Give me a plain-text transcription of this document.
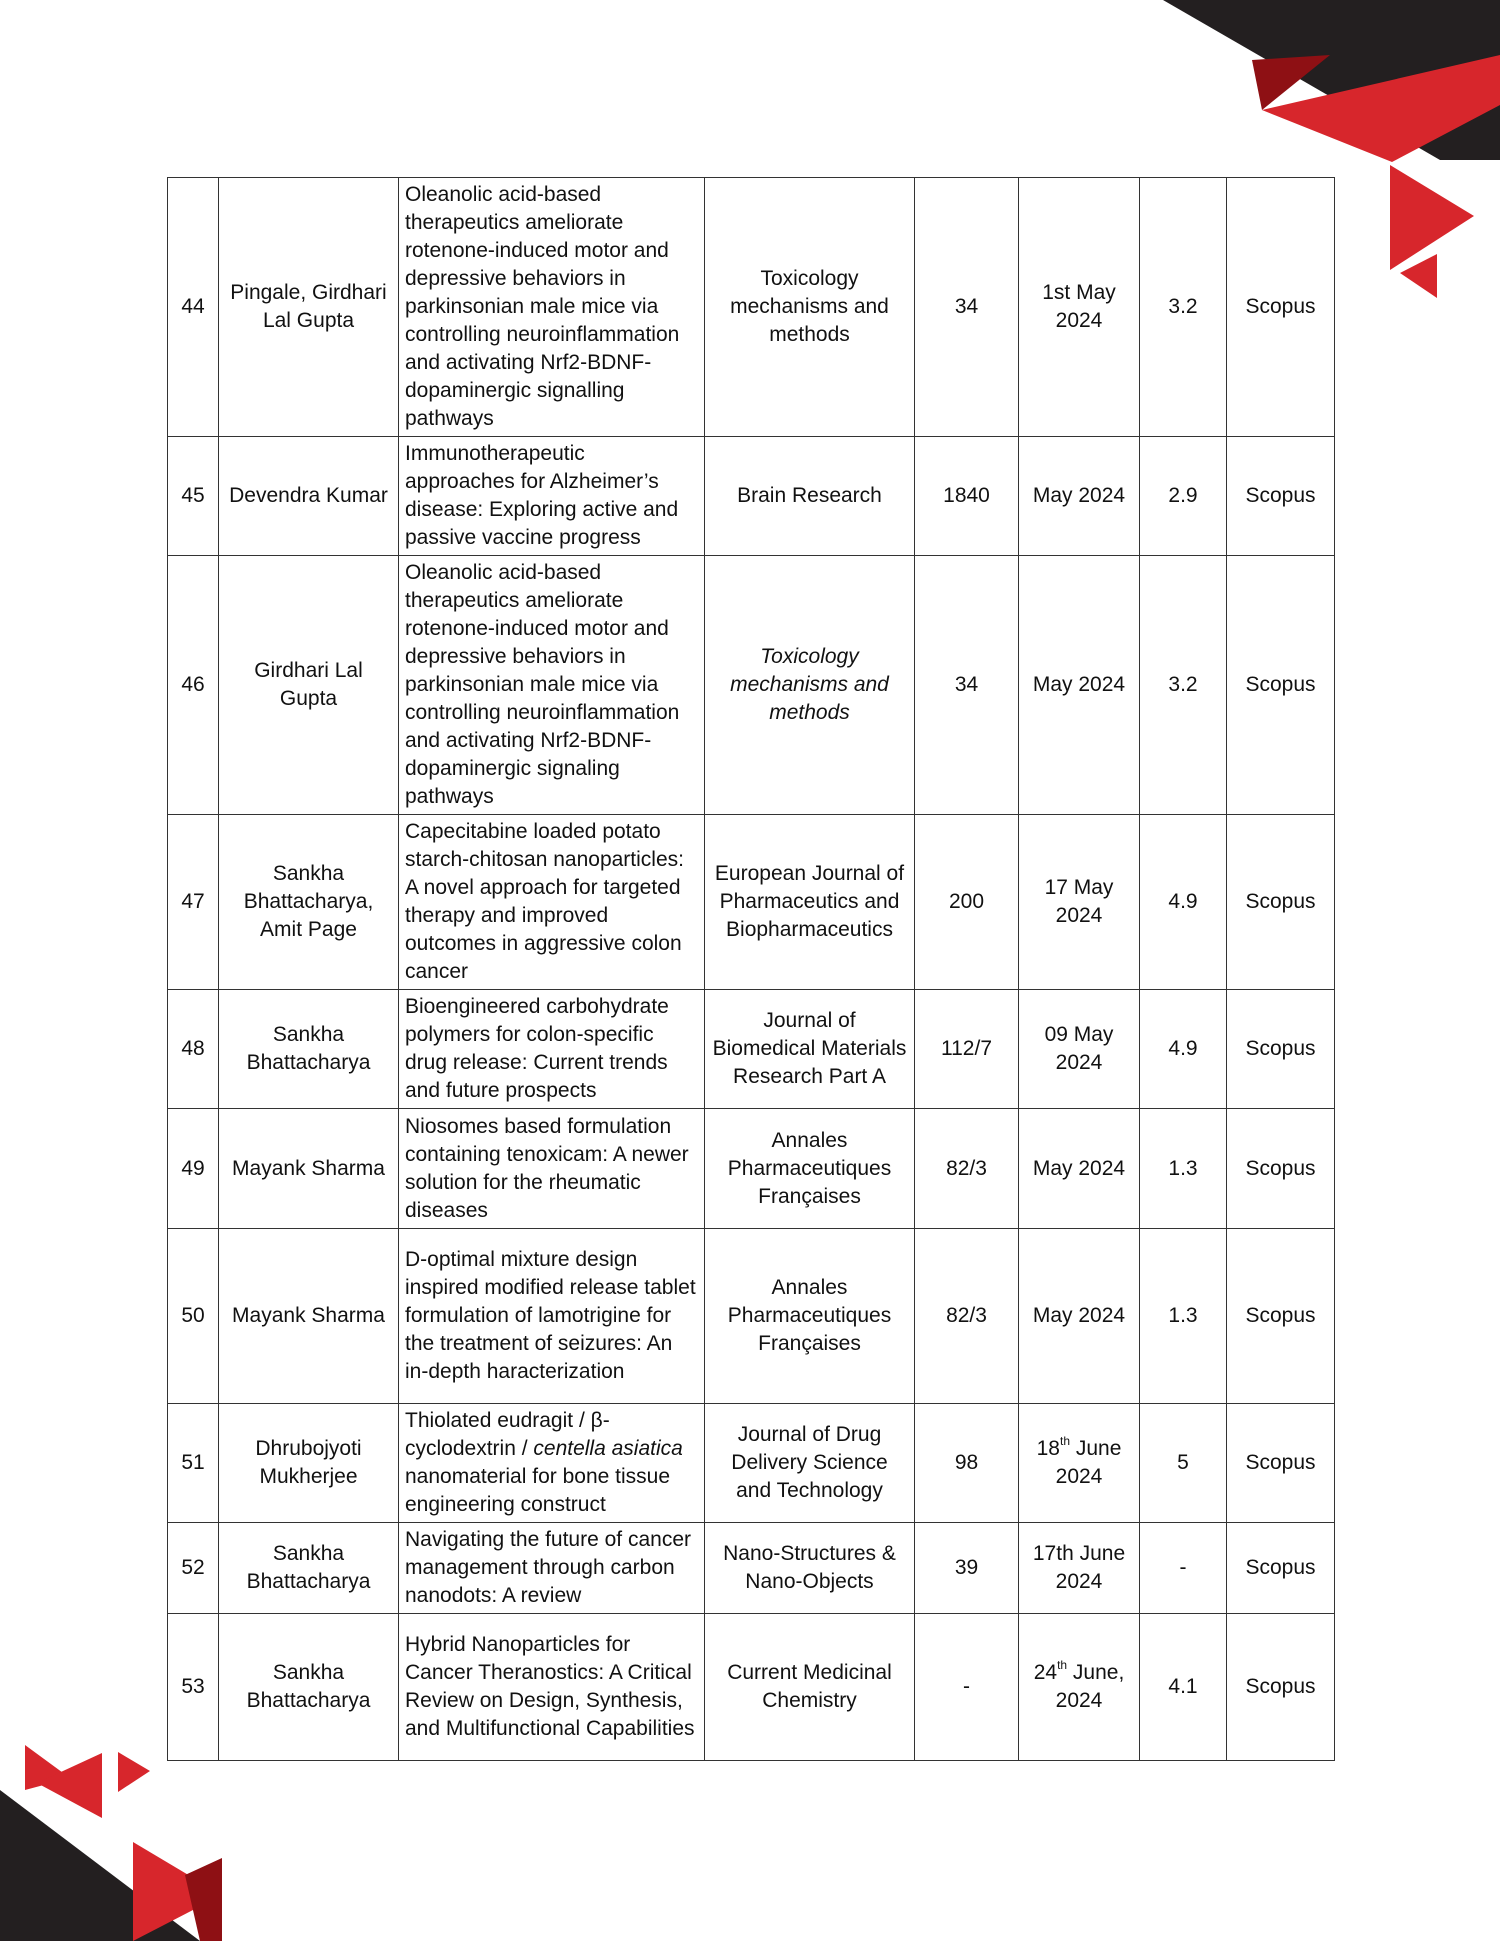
44	Pingale, Girdhari Lal Gupta	Oleanolic acid-based therapeutics ameliorate rotenone-induced motor and depressive behaviors in parkinsonian male mice via controlling neuroinflammation and activating Nrf2-BDNF-dopaminergic signalling pathways	Toxicology mechanisms and methods	34	1st May 2024	3.2	Scopus
45	Devendra Kumar	Immunotherapeutic approaches for Alzheimer’s disease: Exploring active and passive vaccine progress	Brain Research	1840	May 2024	2.9	Scopus
46	Girdhari Lal Gupta	Oleanolic acid-based therapeutics ameliorate rotenone-induced motor and depressive behaviors in parkinsonian male mice via controlling neuroinflammation and activating Nrf2-BDNF-dopaminergic signaling pathways	Toxicology mechanisms and methods	34	May 2024	3.2	Scopus
47	Sankha Bhattacharya, Amit Page	Capecitabine loaded potato starch-chitosan nanoparticles: A novel approach for targeted therapy and improved outcomes in aggressive colon cancer	European Journal of Pharmaceutics and Biopharmaceutics	200	17 May 2024	4.9	Scopus
48	Sankha Bhattacharya	Bioengineered carbohydrate polymers for colon-specific drug release: Current trends and future prospects	Journal of Biomedical Materials Research Part A	112/7	09 May 2024	4.9	Scopus
49	Mayank Sharma	Niosomes based formulation containing tenoxicam: A newer solution for the rheumatic diseases	Annales Pharmaceutiques Françaises	82/3	May 2024	1.3	Scopus
50	Mayank Sharma	D-optimal mixture design inspired modified release tablet formulation of lamotrigine for the treatment of seizures: An in-depth haracterization	Annales Pharmaceutiques Françaises	82/3	May 2024	1.3	Scopus
51	Dhrubojyoti Mukherjee	Thiolated eudragit / β-cyclodextrin / centella asiatica nanomaterial for bone tissue engineering construct	Journal of Drug Delivery Science and Technology	98	18th June 2024	5	Scopus
52	Sankha Bhattacharya	Navigating the future of cancer management through carbon nanodots: A review	Nano-Structures & Nano-Objects	39	17th June 2024	-	Scopus
53	Sankha Bhattacharya	Hybrid Nanoparticles for Cancer Theranostics: A Critical Review on Design, Synthesis, and Multifunctional Capabilities	Current Medicinal Chemistry	-	24th June, 2024	4.1	Scopus
